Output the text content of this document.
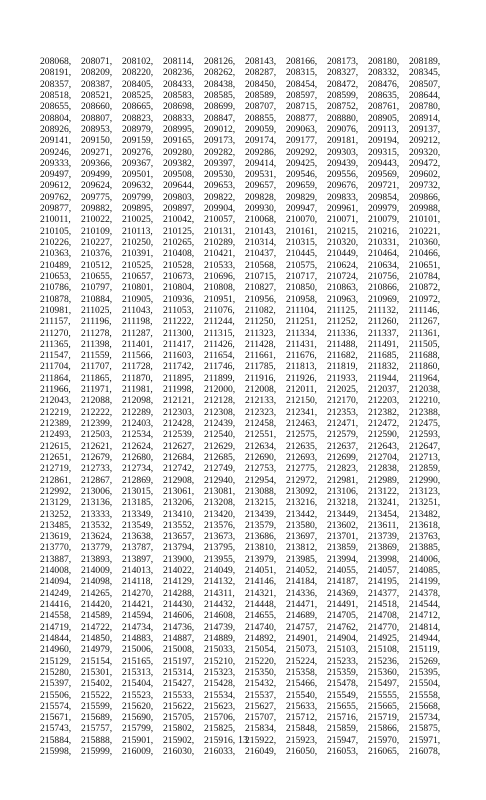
208068,	208071,	208102,	208114,	208126,	208143,	208166,	208173,	208180,	208189,
208191,	208209,	208220,	208236,	208262,	208287,	208315,	208327,	208332,	208345,
208357,	208387,	208405,	208433,	208438,	208450,	208454,	208472,	208476,	208507,
208518,	208521,	208525,	208583,	208585,	208589,	208597,	208599,	208635,	208644,
208655,	208660,	208665,	208698,	208699,	208707,	208715,	208752,	208761,	208780,
208804,	208807,	208823,	208833,	208847,	208855,	208877,	208880,	208905,	208914,
208926,	208953,	208979,	208995,	209012,	209059,	209063,	209076,	209113,	209137,
209141,	209150,	209159,	209165,	209173,	209174,	209177,	209181,	209194,	209212,
209246,	209271,	209276,	209280,	209282,	209286,	209292,	209303,	209315,	209320,
209333,	209366,	209367,	209382,	209397,	209414,	209425,	209439,	209443,	209472,
209497,	209499,	209501,	209508,	209530,	209531,	209546,	209556,	209569,	209602,
209612,	209624,	209632,	209644,	209653,	209657,	209659,	209676,	209721,	209732,
209762,	209775,	209799,	209803,	209822,	209828,	209829,	209833,	209854,	209866,
209877,	209882,	209895,	209897,	209904,	209930,	209947,	209961,	209979,	209988,
210011,	210022,	210025,	210042,	210057,	210068,	210070,	210071,	210079,	210101,
210105,	210109,	210113,	210125,	210131,	210143,	210161,	210215,	210216,	210221,
210226,	210227,	210250,	210265,	210289,	210314,	210315,	210320,	210331,	210360,
210363,	210376,	210391,	210408,	210421,	210437,	210445,	210449,	210464,	210466,
210489,	210512,	210525,	210528,	210533,	210568,	210575,	210624,	210634,	210651,
210653,	210655,	210657,	210673,	210696,	210715,	210717,	210724,	210756,	210784,
210786,	210797,	210801,	210804,	210808,	210827,	210850,	210863,	210866,	210872,
210878,	210884,	210905,	210936,	210951,	210956,	210958,	210963,	210969,	210972,
210981,	211025,	211043,	211053,	211076,	211082,	211104,	211125,	211132,	211146,
211157,	211196,	211198,	211222,	211244,	211250,	211251,	211252,	211260,	211267,
211270,	211278,	211287,	211300,	211315,	211323,	211334,	211336,	211337,	211361,
211365,	211398,	211401,	211417,	211426,	211428,	211431,	211488,	211491,	211505,
211547,	211559,	211566,	211603,	211654,	211661,	211676,	211682,	211685,	211688,
211704,	211707,	211728,	211742,	211746,	211785,	211813,	211819,	211832,	211860,
211864,	211865,	211870,	211895,	211899,	211916,	211926,	211933,	211944,	211964,
211966,	211971,	211981,	211998,	212000,	212008,	212011,	212025,	212037,	212038,
212043,	212088,	212098,	212121,	212128,	212133,	212150,	212170,	212203,	212210,
212219,	212222,	212289,	212303,	212308,	212323,	212341,	212353,	212382,	212388,
212389,	212399,	212403,	212428,	212439,	212458,	212463,	212471,	212472,	212475,
212493,	212503,	212534,	212539,	212540,	212551,	212575,	212579,	212590,	212593,
212615,	212621,	212624,	212627,	212629,	212634,	212635,	212637,	212643,	212647,
212651,	212679,	212680,	212684,	212685,	212690,	212693,	212699,	212704,	212713,
212719,	212733,	212734,	212742,	212749,	212753,	212775,	212823,	212838,	212859,
212861,	212867,	212869,	212908,	212940,	212954,	212972,	212981,	212989,	212990,
212992,	213006,	213015,	213061,	213081,	213088,	213092,	213106,	213122,	213123,
213129,	213136,	213185,	213206,	213208,	213215,	213216,	213218,	213241,	213251,
213252,	213333,	213349,	213410,	213420,	213439,	213442,	213449,	213454,	213482,
213485,	213532,	213549,	213552,	213576,	213579,	213580,	213602,	213611,	213618,
213619,	213624,	213638,	213657,	213673,	213686,	213697,	213701,	213739,	213763,
213770,	213779,	213787,	213794,	213795,	213810,	213812,	213859,	213869,	213885,
213887,	213893,	213897,	213900,	213955,	213979,	213985,	213994,	213998,	214006,
214008,	214009,	214013,	214022,	214049,	214051,	214052,	214055,	214057,	214085,
214094,	214098,	214118,	214129,	214132,	214146,	214184,	214187,	214195,	214199,
214249,	214265,	214270,	214288,	214311,	214321,	214336,	214369,	214377,	214378,
214416,	214420,	214421,	214430,	214432,	214448,	214471,	214491,	214518,	214544,
214558,	214589,	214594,	214606,	214608,	214655,	214689,	214705,	214708,	214712,
214719,	214722,	214734,	214736,	214739,	214740,	214757,	214762,	214770,	214814,
214844,	214850,	214883,	214887,	214889,	214892,	214901,	214904,	214925,	214944,
214960,	214979,	215006,	215008,	215033,	215054,	215073,	215103,	215108,	215119,
215129,	215154,	215165,	215197,	215210,	215220,	215224,	215233,	215236,	215269,
215280,	215301,	215313,	215314,	215323,	215350,	215358,	215359,	215360,	215395,
215397,	215402,	215404,	215427,	215428,	215432,	215466,	215478,	215497,	215504,
215506,	215522,	215523,	215533,	215534,	215537,	215540,	215549,	215555,	215558,
215574,	215599,	215620,	215622,	215623,	215627,	215633,	215655,	215665,	215668,
215671,	215689,	215690,	215705,	215706,	215707,	215712,	215716,	215719,	215734,
215743,	215757,	215799,	215802,	215825,	215834,	215848,	215859,	215866,	215875,
215884,	215888,	215901,	215902,	215916,	215922,	215923,	215947,	215970,	215971,
215998,	215999,	216009,	216030,	216033,	216049,	216050,	216053,	216065,	216078,
13
